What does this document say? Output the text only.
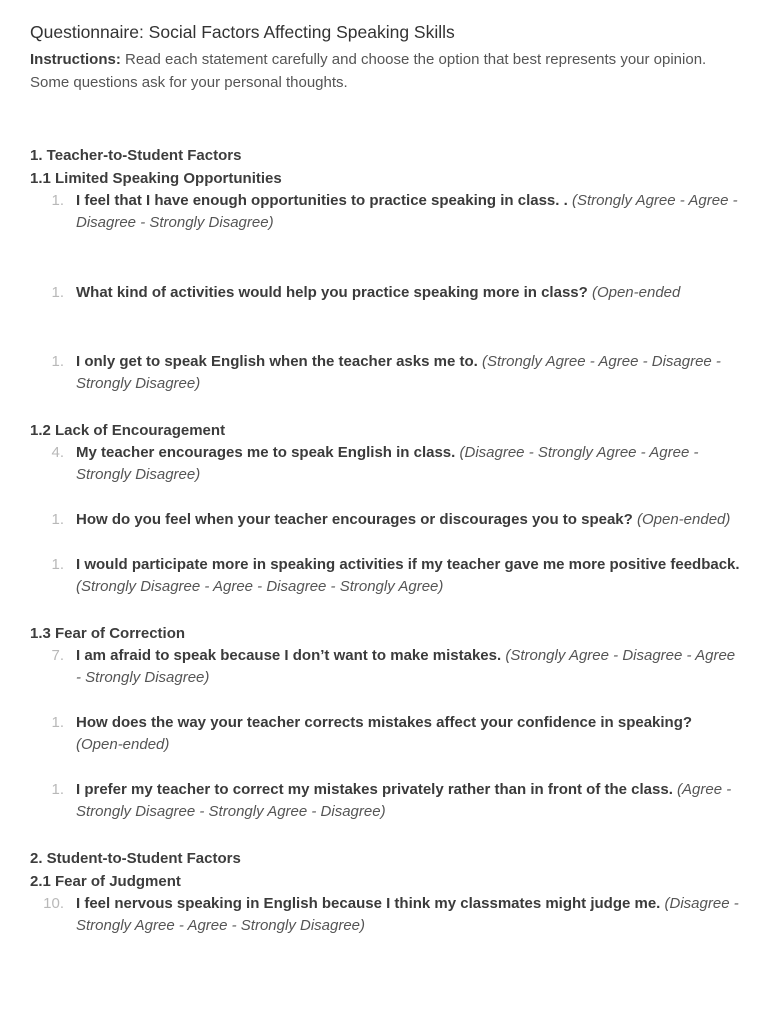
Questionnaire: Social Factors Affecting Speaking Skills
Instructions: Read each statement carefully and choose the option that best represents your opinion. Some questions ask for your personal thoughts.
1. Teacher-to-Student Factors
1.1 Limited Speaking Opportunities
1. I feel that I have enough opportunities to practice speaking in class. . (Strongly Agree - Agree - Disagree - Strongly Disagree)
1. What kind of activities would help you practice speaking more in class? (Open-ended
1. I only get to speak English when the teacher asks me to. (Strongly Agree - Agree - Disagree - Strongly Disagree)
1.2 Lack of Encouragement
4. My teacher encourages me to speak English in class. (Disagree - Strongly Agree - Agree - Strongly Disagree)
1. How do you feel when your teacher encourages or discourages you to speak? (Open-ended)
1. I would participate more in speaking activities if my teacher gave me more positive feedback. (Strongly Disagree - Agree - Disagree - Strongly Agree)
1.3 Fear of Correction
7. I am afraid to speak because I don’t want to make mistakes. (Strongly Agree - Disagree - Agree - Strongly Disagree)
1. How does the way your teacher corrects mistakes affect your confidence in speaking? (Open-ended)
1. I prefer my teacher to correct my mistakes privately rather than in front of the class. (Agree - Strongly Disagree - Strongly Agree - Disagree)
2. Student-to-Student Factors
2.1 Fear of Judgment
10. I feel nervous speaking in English because I think my classmates might judge me. (Disagree - Strongly Agree - Agree - Strongly Disagree)
